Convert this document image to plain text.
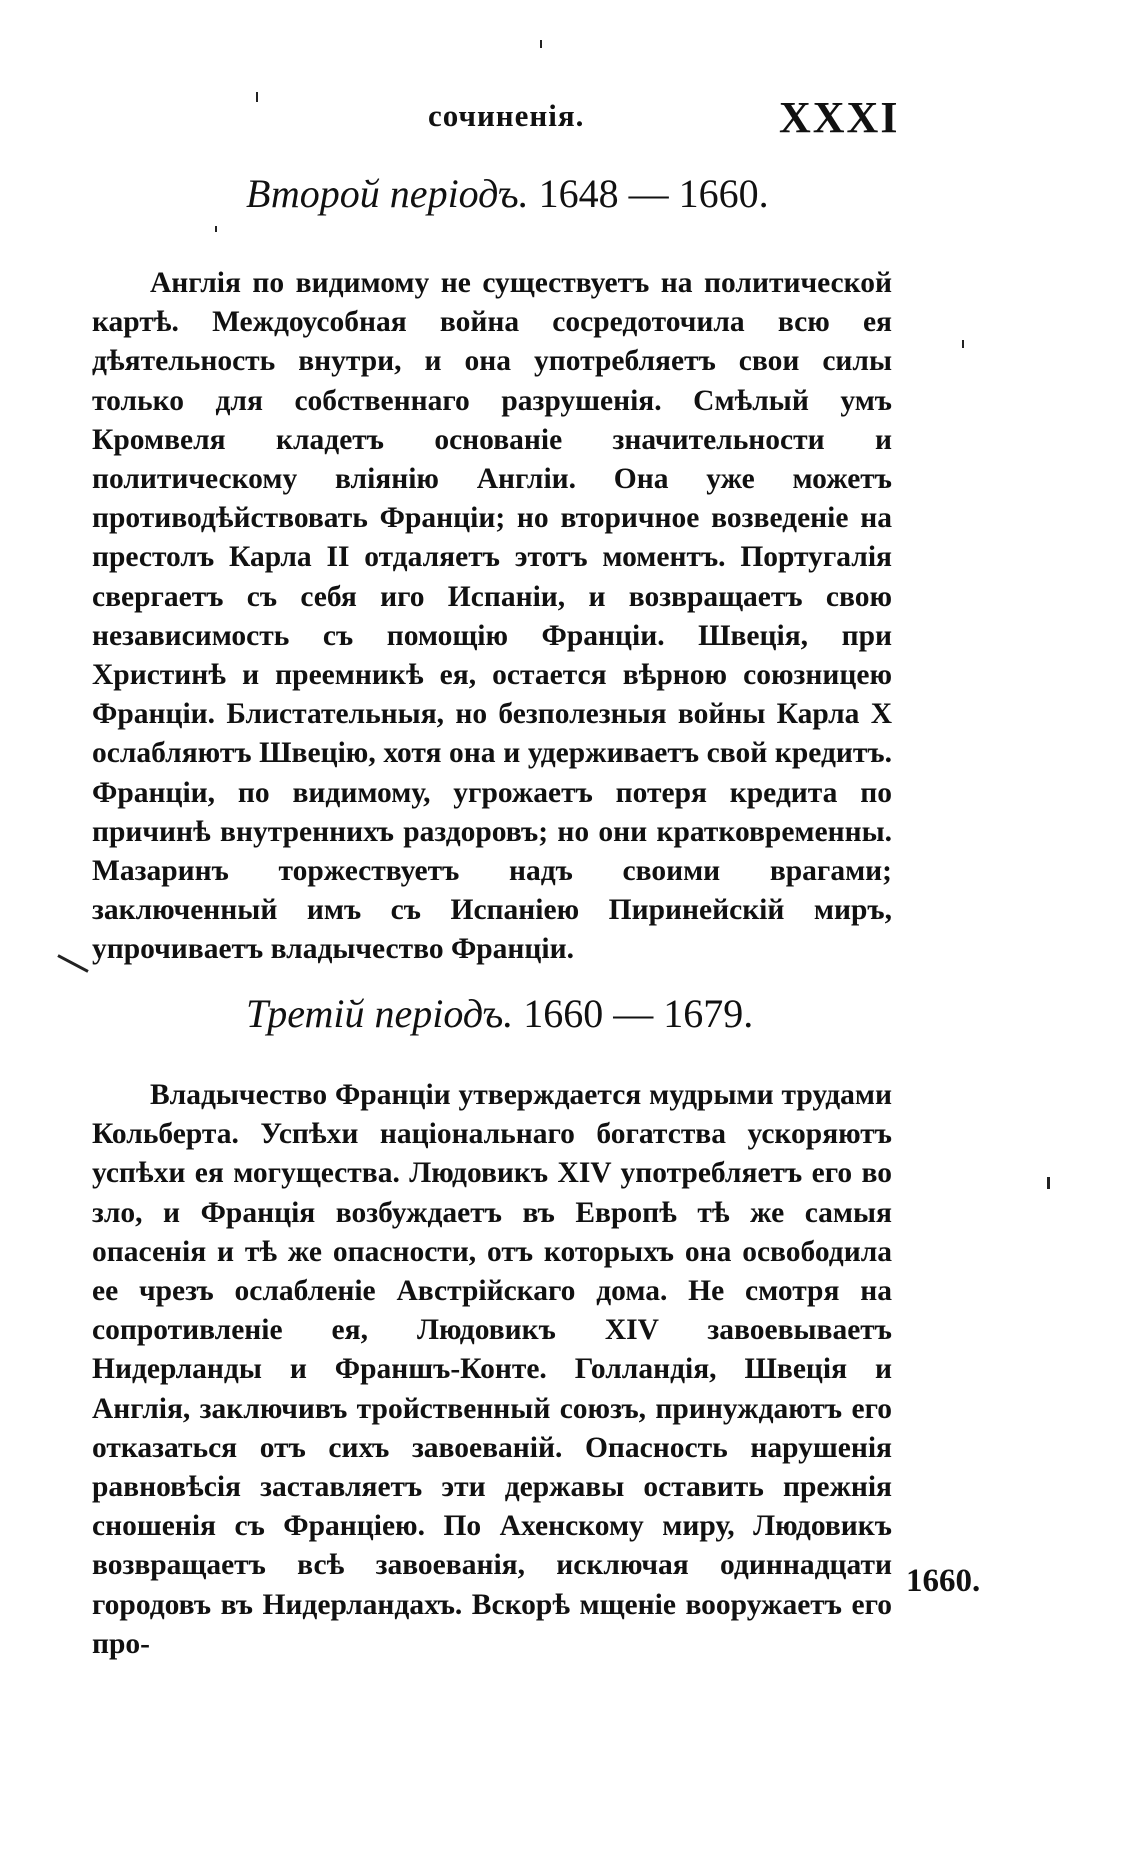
сочиненія.	XXXI
Второй періодъ. 1648 — 1660.
Англія по видимому не существуетъ на политической картѣ. Междоусобная война сосредоточила всю ея дѣятельность внутри, и она употребляетъ свои силы только для собственнаго разрушенія. Смѣлый умъ Кромвеля кладетъ основаніе значительности и политическому вліянію Англіи. Она уже можетъ противодѣйствовать Франціи; но вторичное возведеніе на престолъ Карла II отдаляетъ этотъ моментъ. Португалія свергаетъ съ себя иго Испаніи, и возвращаетъ свою независимость съ помощію Франціи. Швеція, при Христинѣ и преемникѣ ея, остается вѣрною союзницею Франціи. Блистательныя, но безполезныя войны Карла X ослабляютъ Швецію, хотя она и удерживаетъ свой кредитъ. Франціи, по видимому, угрожаетъ потеря кредита по причинѣ внутреннихъ раздоровъ; но они кратковременны. Мазаринъ торжествуетъ надъ своими врагами; заключенный имъ съ Испаніею Пиринейскій миръ, упрочиваетъ владычество Франціи.
Третій періодъ. 1660 — 1679.
Владычество Франціи утверждается мудрыми трудами Кольберта. Успѣхи національнаго богатства ускоряютъ успѣхи ея могущества. Людовикъ XIV употребляетъ его во зло, и Франція возбуждаетъ въ Европѣ тѣ же самыя опасенія и тѣ же опасности, отъ которыхъ она освободила ее чрезъ ослабленіе Австрійскаго дома. Не смотря на сопротивленіе ея, Людовикъ XIV завоевываетъ Нидерланды и Франшъ-Конте. Голландія, Швеція и Англія, заключивъ тройственный союзъ, принуждаютъ его отказаться отъ сихъ завоеваній. Опасность нарушенія равновѣсія заставляетъ эти державы оставить прежнія сношенія съ Франціею. По Ахенскому миру, Людовикъ возвращаетъ всѣ завоеванія, исключая одиннадцати городовъ въ Нидерландахъ. Вскорѣ мщеніе вооружаетъ его про-
1660.
